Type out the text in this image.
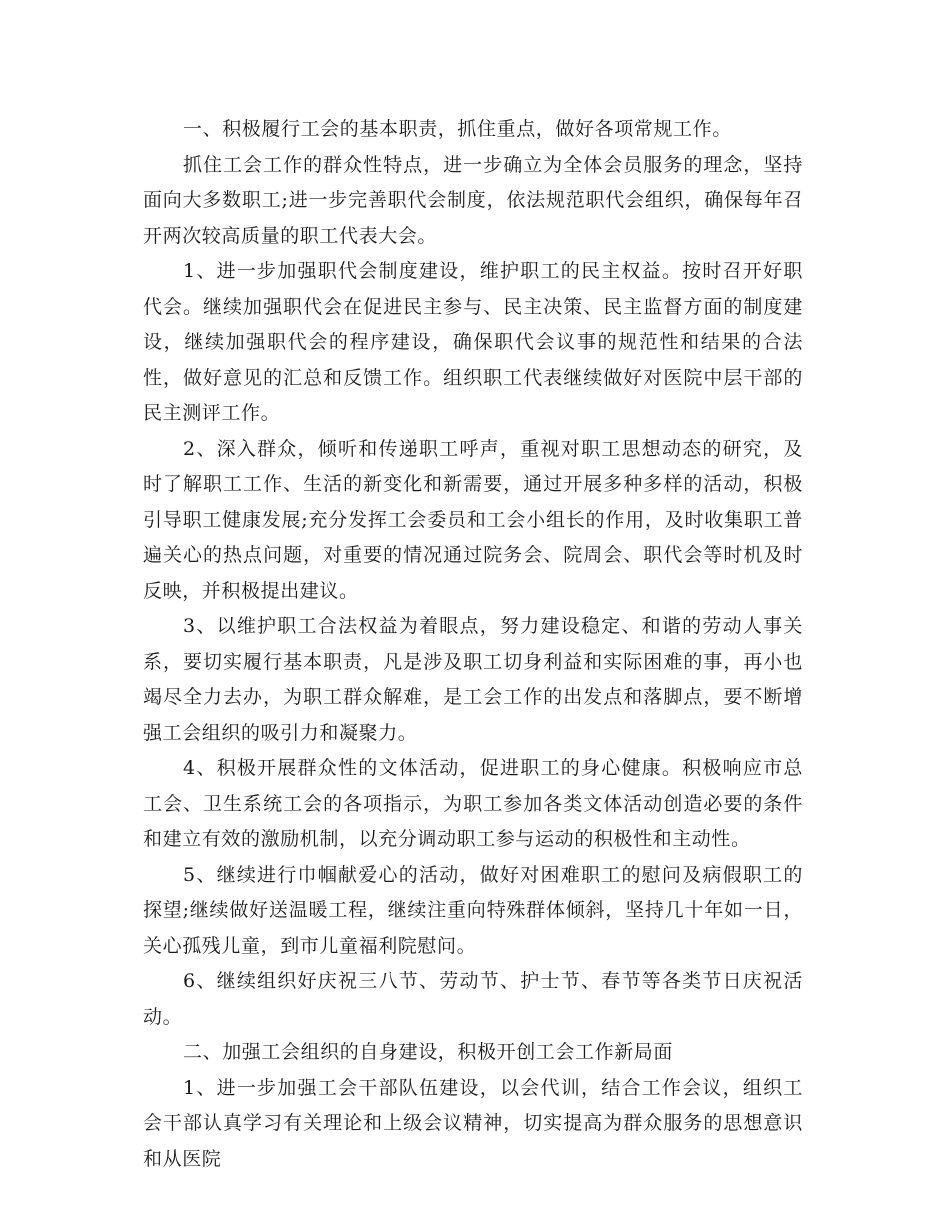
一、积极履行工会的基本职责，抓住重点，做好各项常规工作。

抓住工会工作的群众性特点，进一步确立为全体会员服务的理念，坚持面向大多数职工;进一步完善职代会制度，依法规范职代会组织，确保每年召开两次较高质量的职工代表大会。

1、进一步加强职代会制度建设，维护职工的民主权益。按时召开好职代会。继续加强职代会在促进民主参与、民主决策、民主监督方面的制度建设，继续加强职代会的程序建设，确保职代会议事的规范性和结果的合法性，做好意见的汇总和反馈工作。组织职工代表继续做好对医院中层干部的民主测评工作。

2、深入群众，倾听和传递职工呼声，重视对职工思想动态的研究，及时了解职工工作、生活的新变化和新需要，通过开展多种多样的活动，积极引导职工健康发展;充分发挥工会委员和工会小组长的作用，及时收集职工普遍关心的热点问题，对重要的情况通过院务会、院周会、职代会等时机及时反映，并积极提出建议。

3、以维护职工合法权益为着眼点，努力建设稳定、和谐的劳动人事关系，要切实履行基本职责，凡是涉及职工切身利益和实际困难的事，再小也竭尽全力去办，为职工群众解难，是工会工作的出发点和落脚点，要不断增强工会组织的吸引力和凝聚力。

4、积极开展群众性的文体活动，促进职工的身心健康。积极响应市总工会、卫生系统工会的各项指示，为职工参加各类文体活动创造必要的条件和建立有效的激励机制，以充分调动职工参与运动的积极性和主动性。

5、继续进行巾帼献爱心的活动，做好对困难职工的慰问及病假职工的探望;继续做好送温暖工程，继续注重向特殊群体倾斜，坚持几十年如一日，关心孤残儿童，到市儿童福利院慰问。

6、继续组织好庆祝三八节、劳动节、护士节、春节等各类节日庆祝活动。

二、加强工会组织的自身建设，积极开创工会工作新局面

1、进一步加强工会干部队伍建设，以会代训，结合工作会议，组织工会干部认真学习有关理论和上级会议精神，切实提高为群众服务的思想意识和从医院
